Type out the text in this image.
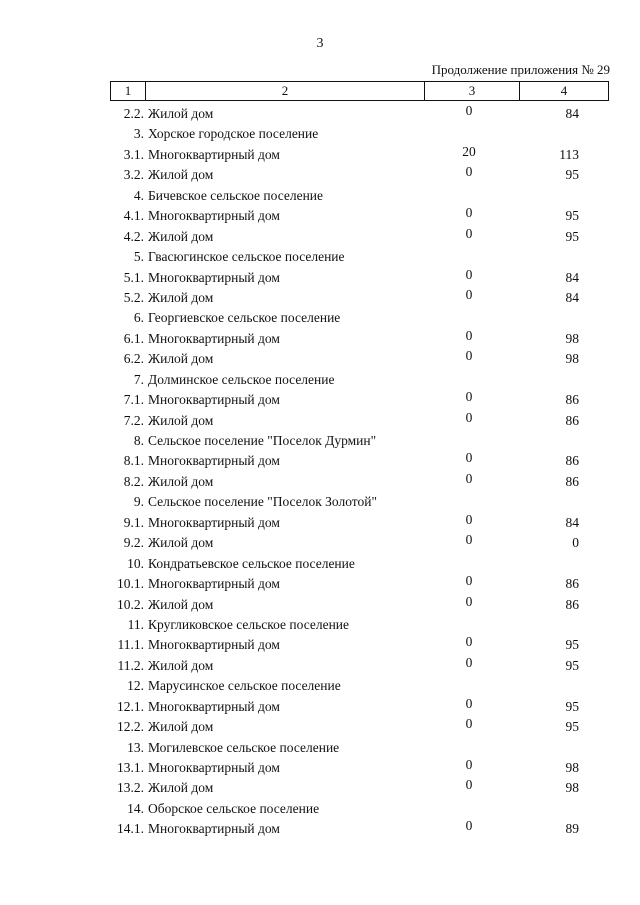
3
Продолжение приложения № 29
1	2	3	4
2.2. Жилой дом	0	84
3. Хорское городское поселение
3.1. Многоквартирный дом	20	113
3.2. Жилой дом	0	95
4. Бичевское сельское поселение
4.1. Многоквартирный дом	0	95
4.2. Жилой дом	0	95
5. Гвасюгинское сельское поселение
5.1. Многоквартирный дом	0	84
5.2. Жилой дом	0	84
6. Георгиевское сельское поселение
6.1. Многоквартирный дом	0	98
6.2. Жилой дом	0	98
7. Долминское сельское поселение
7.1. Многоквартирный дом	0	86
7.2. Жилой дом	0	86
8. Сельское поселение "Поселок Дурмин"
8.1. Многоквартирный дом	0	86
8.2. Жилой дом	0	86
9. Сельское поселение "Поселок Золотой"
9.1. Многоквартирный дом	0	84
9.2. Жилой дом	0	0
10. Кондратьевское сельское поселение
10.1. Многоквартирный дом	0	86
10.2. Жилой дом	0	86
11. Кругликовское сельское поселение
11.1. Многоквартирный дом	0	95
11.2. Жилой дом	0	95
12. Марусинское сельское поселение
12.1. Многоквартирный дом	0	95
12.2. Жилой дом	0	95
13. Могилевское сельское поселение
13.1. Многоквартирный дом	0	98
13.2. Жилой дом	0	98
14. Оборское сельское поселение
14.1. Многоквартирный дом	0	89
